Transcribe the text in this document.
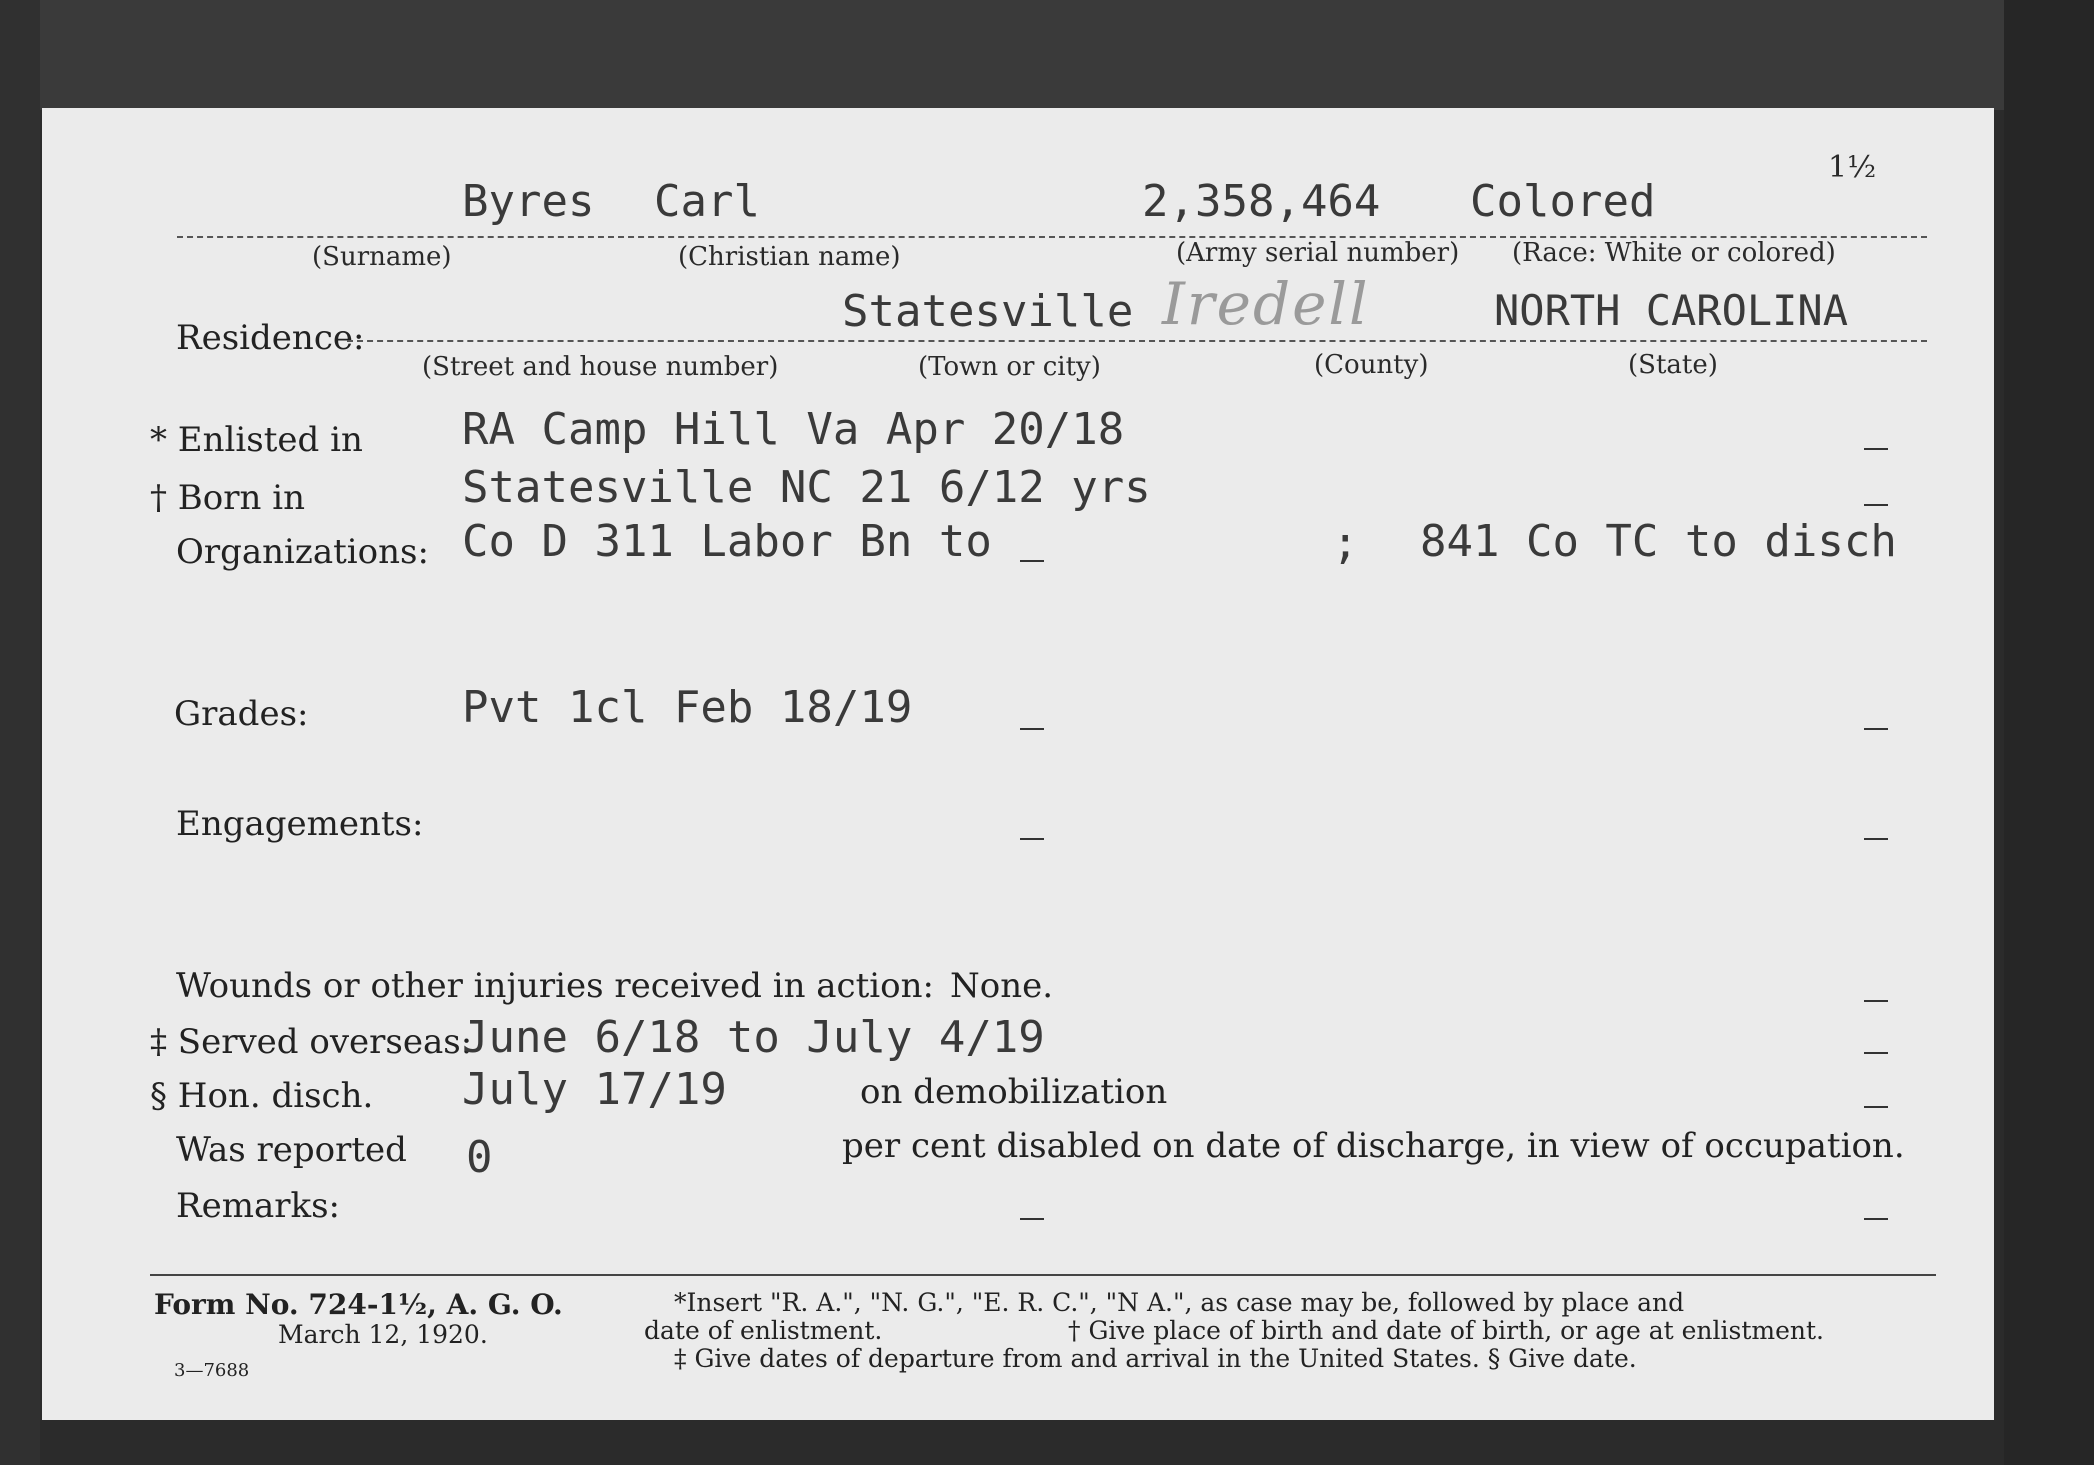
1½
Byres Carl	2,358,464 Colored
(Surname)	(Christian name)	(Army serial number) (Race: White or colored)
Residence:
Statesville Iredell	NORTH CAROLINA
(Street and house number)	(Town or city)	(County)	(State)
* Enlisted in RA Camp Hill Va Apr 20/18
† Born in	Statesville NC 21 6/12 yrs
Organizations: Co D 311 Labor Bn to	; 841 Co TC to disch
Grades:	Pvt 1cl Feb 18/19
Engagements:
Wounds or other injuries received in action: None.
‡ Served overseas:
June 6/18 to July 4/19
§ Hon. disch. July 17/19	on demobilization
Was reported 0	per cent disabled on date of discharge, in view of occupation.
Remarks:
Form No. 724-1½, A. G. O.
March 12, 1920.
3—7688
*Insert "R. A.", "N. G.", "E. R. C.", "N A.", as case may be, followed by place and
date of enlistment.	† Give place of birth and date of birth, or age at enlistment.
‡ Give dates of departure from and arrival in the United States. § Give date.
